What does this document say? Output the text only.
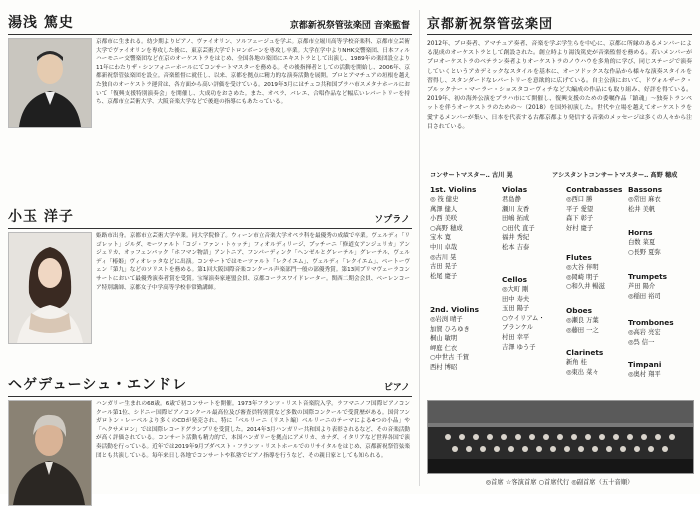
湯浅 篤史	京都新祝祭管弦楽団 音楽監督
京都市に生まれる。幼少期よりピアノ、ヴァイオリン、ソルフェージュを学ぶ。京都市立堀川高等学校音楽科、京都市立芸術大学でヴァイオリンを専攻した後に、東京芸術大学でトロンボーンを専攻し卒業。大学在学中よりNHK交響楽団、日本フィルハーモニー交響楽団など在京のオーケストラをはじめ、全国各地の楽団にエキストラとして出演し、1989年の楽団設立より11年にわたりザ・シンフォニーホールにてコンサートマスターを務める。その後指揮者としての活動を開始し、2006年、京都新祝祭管弦楽団を設立。音楽監督に就任し、以来、京都を拠点に精力的な演奏活動を展開。プロとアマチュアの垣根を越えた独自のオーケストラ運営は、各方面から高い評価を受けている。2019年3月にはチェコ共和国プラハ市スメタナホールにおいて「復興支援特別演奏会」を開催し、大成功をおさめた。また、オペラ、バレエ、合唱作品など幅広いレパートリーを持ち、京都市立芸術大学、大阪音楽大学などで後進の指導にもあたっている。
小玉 洋子	ソプラノ
姫路市出身。京都市立芸術大学卒業。同大学院修了。ウィーン市立音楽大学オペラ科を最優秀の成績で卒業。ヴェルディ「リゴレット」ジルダ、モーツァルト「コジ・ファン・トゥッテ」フィオルディリージ、プッチーニ「修道女アンジェリカ」アンジェリカ、オッフェンバック「ホフマン物語」アントニア、フンパーディンク「ヘンゼルとグレーテル」グレーテル、ヴェルディ「椿姫」ヴィオレッタなどに出演。コンサートではモーツァルト「レクイエム」、ヴェルディ「レクイエム」、ベートーヴェン「第九」などのソリストを務める。第1回大阪国際音楽コンクール声楽部門一般の部優秀賞。第13回プリマヴェーラコンサートにおいて最優秀演奏者賞を受賞。宝塚演奏家連盟会員、京都コーラスワイドレーター。関西二期会会員、ベーレンコーア特別講師、京都女子中学高等学校非常勤講師。
ヘゲデューシュ・エンドレ	ピアノ
ハンガリー生まれの68歳。6歳で初コンサートを開催。1973年フランツ・リスト音楽院入学。ラフマニノフ国際ピアノコンクール第1位、シドニー国際ピアノコンクール最高位及び審査員特別賞など多数の国際コンクールで受賞歴がある。国営フンガロトン・レーベルより多くのCDが発売され、特に「ベルリーニ（リスト編）ベルリーニのテーマによる4つの小品」や「ヘクサメロン」では国際レコードグランプリを受賞した。2014年3月ハンガリー共和国より表彰されるなど、その音楽活動が高く評価されている。コンサート活動も精力的で、本国ハンガリーを拠点にアメリカ、カナダ、イタリアなど世界各国で演奏活動を行っている。近年では2019年9月ブダペスト・フランツ・リストホールでのリサイタルをはじめ、京都新祝祭管弦楽団とも共演している。毎年来日し各地でコンサートや私塾でピアノ指導を行うなど、その親日家としても知られる。
京都新祝祭管弦楽団
2012年、プロ奏者、アマチュア奏者、音楽を学ぶ学生らを中心に、京都に所縁のあるメンバーによる混成のオーケストラとして創設された。創立時より湯浅篤史が音楽監督を務める。若いメンバーがプロオーケストラのベテラン奏者よりオーケストラのノウハウを多角的に学び、同じステージで演奏していくというアカデミックなスタイルを基本に、オーソドックスな作品から様々な演奏スタイルを習得し、スタンダードなレパートリーを意欲的に広げている。自主公演において、ドヴォルザーク・ブルックナー・マーラー・ショスタコーヴィチなど大編成の作品にも取り組み、好評を得ている。2019年、初の海外公演をプラハ市にて開催し、復興支援のための委嘱作品「鎮魂」〜独奏トランペットを伴うオーケストラのための〜（2018）を国外初演した。世代や立場を越えてオーケストラを愛するメンバーが集い、日本を代表する古都京都より発信する音楽のメッセージは多くの人々から注目されている。
コンサートマスター‥ 古川 晃	アシスタントコンサートマスター‥ 髙野 穂成
1st. Violins
◎ 筏 健史
萬澤 健人
小西 美咲
○高野 穂成
宝木 寛
中川 卓哉
◎古川 晃
古田 晃子
松尾 慶子
2nd. Violins
◎岩渕 晴子
加賀 ひろゆき
桐山 敏明
岬庭 仁衣
○中世古 千賀
西村 博昭
Violas
君島静
瀬川 友香
田嶋 拓成
○田代 直子
福井 秀紀
松本 吉泰
Cellos
◎大町 剛
田中 寿夫
玉田 陽子
○ウイリアム・
ブランケル
村田 幸平
吉澤 ゆう子
Contrabasses
◎西口 勝
平子 愛望
森下 彰子
好村 慶子
Flutes
◎大谷 伴明
◎岡崎 明子
○和久井 暢滋
Oboes
◎瀬良 万葉
◎藤田 一之
Clarinets
新角 桂
◎東出 菜々
Bassons
◎常田 麻衣
松井 美帆
Horns
白数 菜夏
○長野 夏弥
Trumpets
芦田 陽介
◎稲田 裕司
Trombones
◎高岩 亮宏
◎呉 信一
Timpani
◎奥村 翔平
◎首席 ☆客演首席 ○首席代行 ◎副首席（五十音順）
